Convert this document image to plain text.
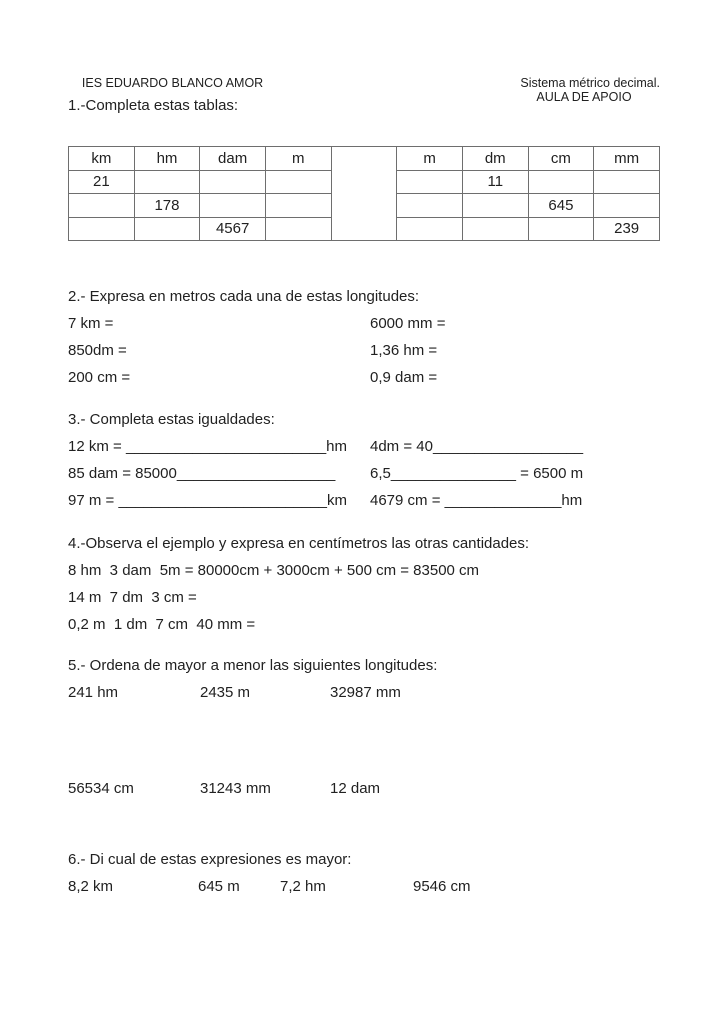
IES EDUARDO BLANCO AMOR
	Sistema métrico decimal.
AULA DE APOIO

1.-Completa estas tablas:
km	hm	dam	m		m	dm	cm	mm
21						11		
	178						645	
		4567						239
2.- Expresa en metros cada una de estas longitudes:

7 km =

	6000 mm =

850dm =

	1,36 hm =

200 cm =

	0,9 dam =

3.- Completa estas igualdades:

12 km = ________________________hm

4dm = 40__________________

85 dam = 85000___________________

6,5_______________ = 6500 m

97 m = _________________________km

4679 cm = ______________hm

4.-Observa el ejemplo y expresa en centímetros las otras cantidades:
8 hm  3 dam  5m = 80000cm + 3000cm + 500 cm = 83500 cm
14 m  7 dm  3 cm =
0,2 m  1 dm  7 cm  40 mm =
5.- Ordena de mayor a menor las siguientes longitudes:

241 hm

	2435 m

	32987 mm

56534 cm

	31243 mm

	12 dam

6.- Di cual de estas expresiones es mayor:

8,2 km

	645 m

	7,2 hm

	9546 cm
